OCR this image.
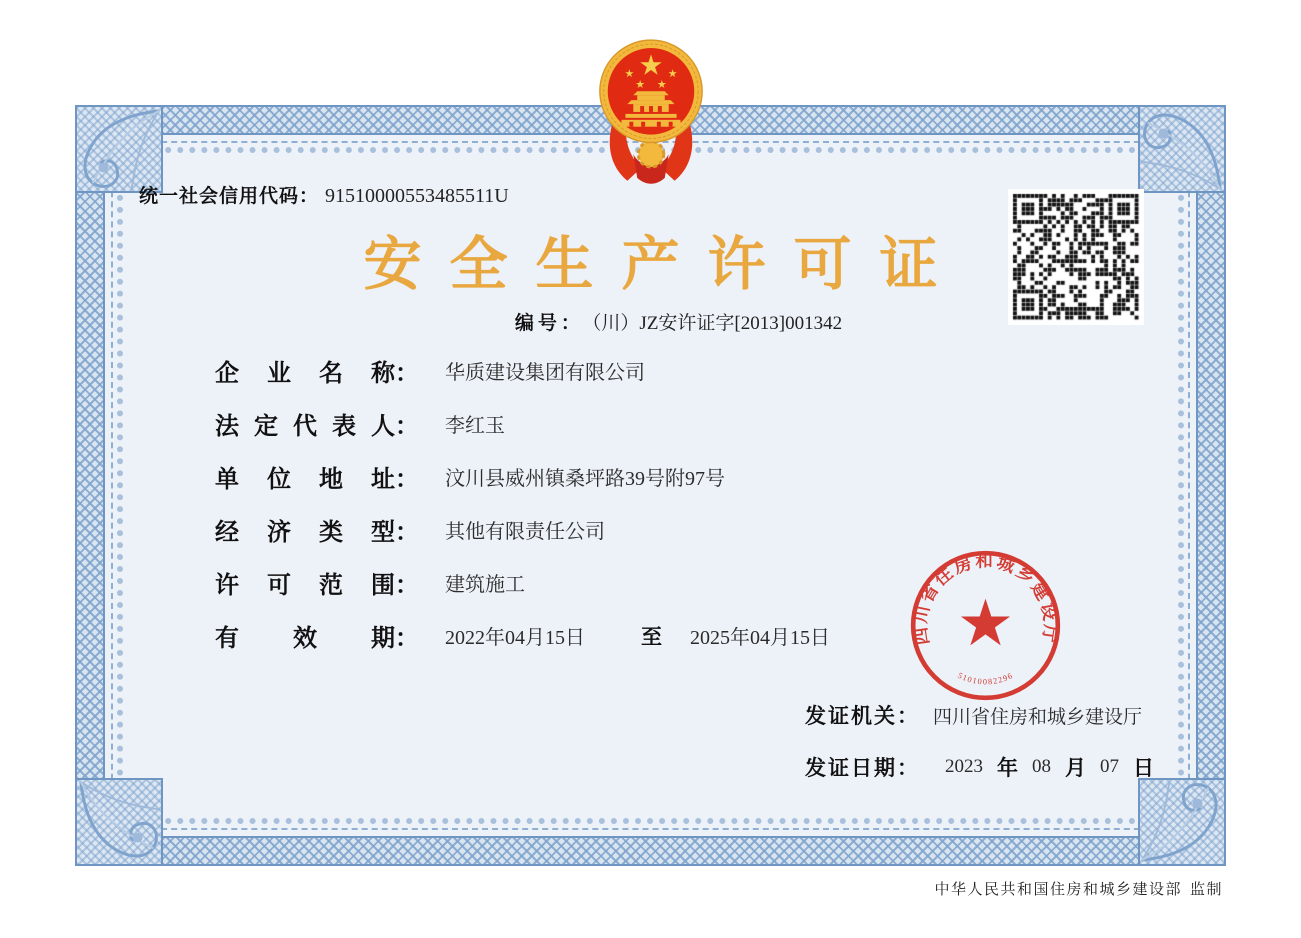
统一社会信用代码： 91510000553485511U
安全生产许可证
编号： （川）JZ安许证字[2013]001342
企业名称 ： 华质建设集团有限公司
法定代表人 ： 李红玉
单位地址 ： 汶川县威州镇桑坪路39号附97号
经济类型 ： 其他有限责任公司
许可范围 ： 建筑施工
有效期 ： 2022年04月15日	至 2025年04月15日
发证机关： 四川省住房和城乡建设厅
发证日期：	2023 年 08 月 07 日
四川省住房和城乡建设厅
51010082296
中华人民共和国住房和城乡建设部 监制
